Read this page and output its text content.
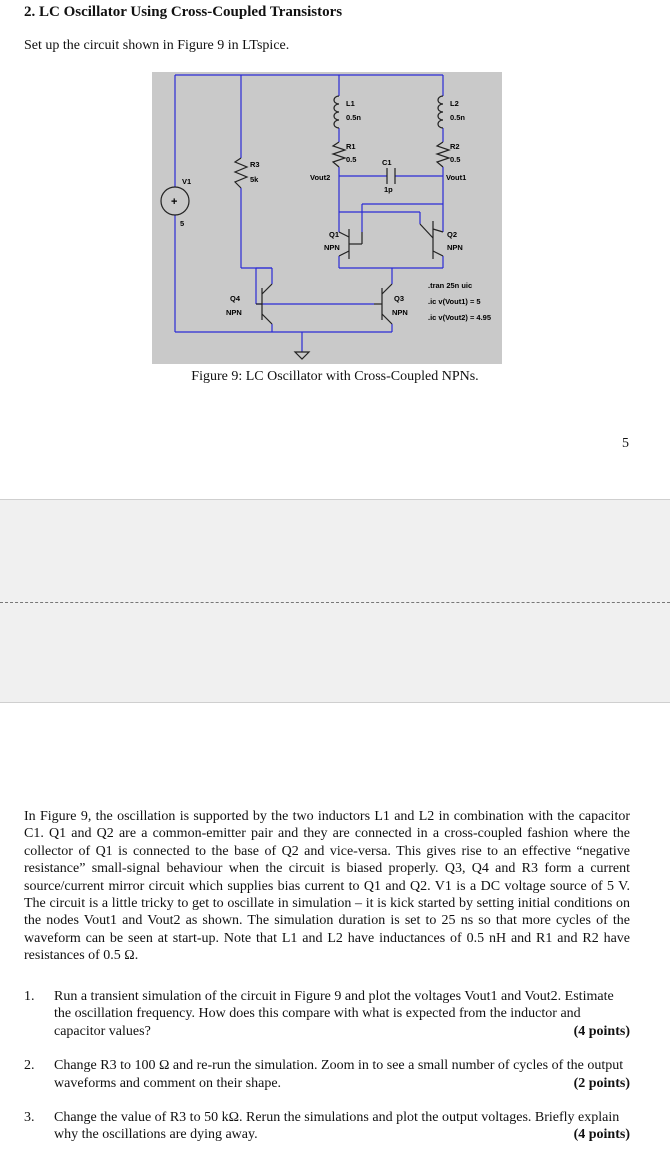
2. LC Oscillator Using Cross-Coupled Transistors

Set up the circuit shown in Figure 9 in LTspice.

+
L1
0.5n
L2
0.5n
R1
0.5
R2
0.5
C1
1p
R3
5k
V1
5
Vout2	Vout1
Q1
NPN
Q2
NPN
Q4
NPN
Q3
NPN
.tran 25n uic
.ic v(Vout1) = 5
.ic v(Vout2) = 4.95

Figure 9: LC Oscillator with Cross-Coupled NPNs.

5

In Figure 9, the oscillation is supported by the two inductors L1 and L2 in combination with the capacitor C1. Q1 and Q2 are a common-emitter pair and they are connected in a cross-coupled fashion where the collector of Q1 is connected to the base of Q2 and vice-versa. This gives rise to an effective “negative resistance” small-signal behaviour when the circuit is biased properly. Q3, Q4 and R3 form a current source/current mirror circuit which supplies bias current to Q1 and Q2. V1 is a DC voltage source of 5 V. The circuit is a little tricky to get to oscillate in simulation – it is kick started by setting initial conditions on the nodes Vout1 and Vout2 as shown. The simulation duration is set to 25 ns so that more cycles of the waveform can be seen at start-up. Note that L1 and L2 have inductances of 0.5 nH and R1 and R2 have resistances of 0.5 Ω.

1. Run a transient simulation of the circuit in Figure 9 and plot the voltages Vout1 and Vout2. Estimate the oscillation frequency. How does this compare with what is expected from the inductor and capacitor values?	(4 points)
2. Change R3 to 100 Ω and re-run the simulation. Zoom in to see a small number of cycles of the output waveforms and comment on their shape.	(2 points)
3. Change the value of R3 to 50 kΩ. Rerun the simulations and plot the output voltages. Briefly explain why the oscillations are dying away.	(4 points)
